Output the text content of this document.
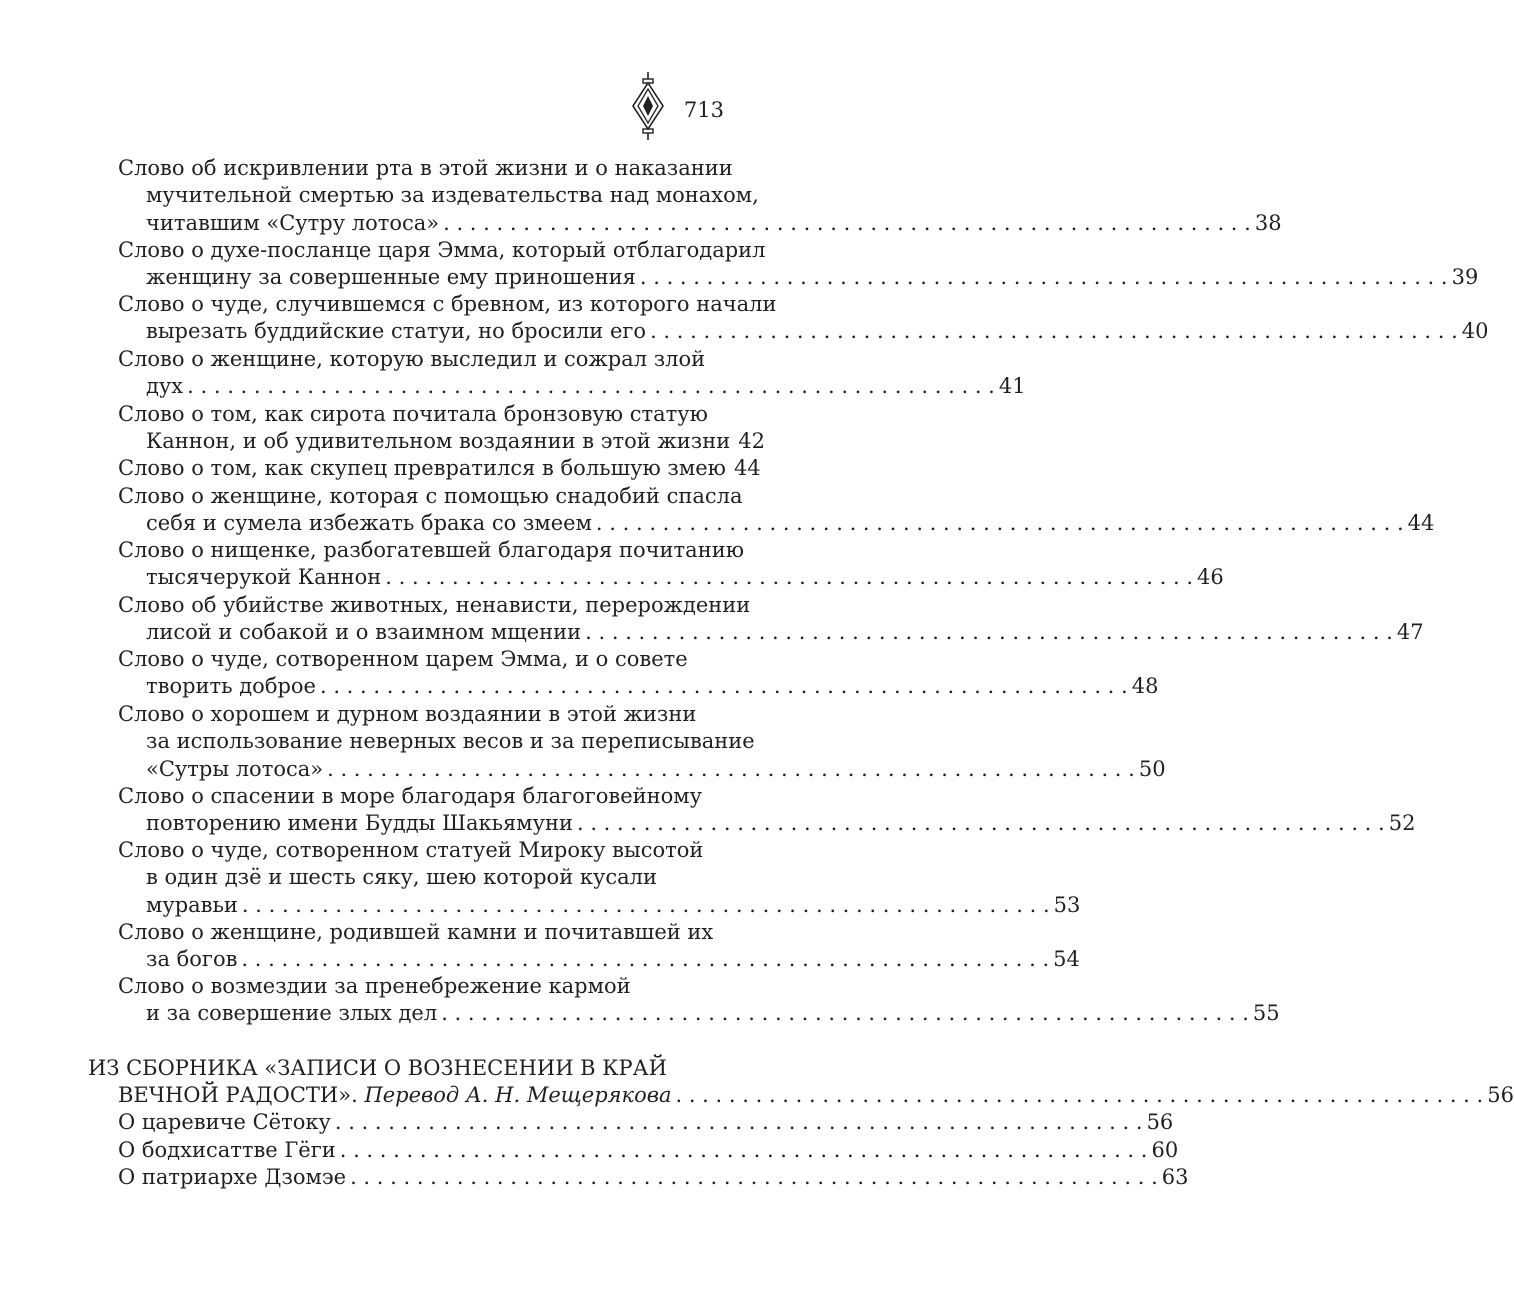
713
Слово об искривлении рта в этой жизни и о наказании
мучительной смертью за издевательства над монахом,
читавшим «Сутру лотоса» . . .	38
Слово о духе-посланце царя Эмма, который отблагодарил
женщину за совершенные ему приношения . . .	39
Слово о чуде, случившемся с бревном, из которого начали
вырезать буддийские статуи, но бросили его . . .	40
Слово о женщине, которую выследил и сожрал злой
дух . . .	41
Слово о том, как сирота почитала бронзовую статую
Каннон, и об удивительном воздаянии в этой жизни 42
Слово о том, как скупец превратился в большую змею 44
Слово о женщине, которая с помощью снадобий спасла
себя и сумела избежать брака со змеем . . .	44
Слово о нищенке, разбогатевшей благодаря почитанию
тысячерукой Каннон . . .	46
Слово об убийстве животных, ненависти, перерождении
лисой и собакой и о взаимном мщении . . .	47
Слово о чуде, сотворенном царем Эмма, и о совете
творить доброе . . .	48
Слово о хорошем и дурном воздаянии в этой жизни
за использование неверных весов и за переписывание
«Сутры лотоса» . . .	50
Слово о спасении в море благодаря благоговейному
повторению имени Будды Шакьямуни . . .	52
Слово о чуде, сотворенном статуей Мироку высотой
в один дзё и шесть сяку, шею которой кусали
муравьи . . .	53
Слово о женщине, родившей камни и почитавшей их
за богов . . .	54
Слово о возмездии за пренебрежение кармой
и за совершение злых дел . . .	55
ИЗ СБОРНИКА «ЗАПИСИ О ВОЗНЕСЕНИИ В КРАЙ
ВЕЧНОЙ РАДОСТИ». Перевод А. Н. Мещерякова . . .	56
О царевиче Сётоку . . .	56
О бодхисаттве Гёги . . .	60
О патриархе Дзомэе . . .	63
